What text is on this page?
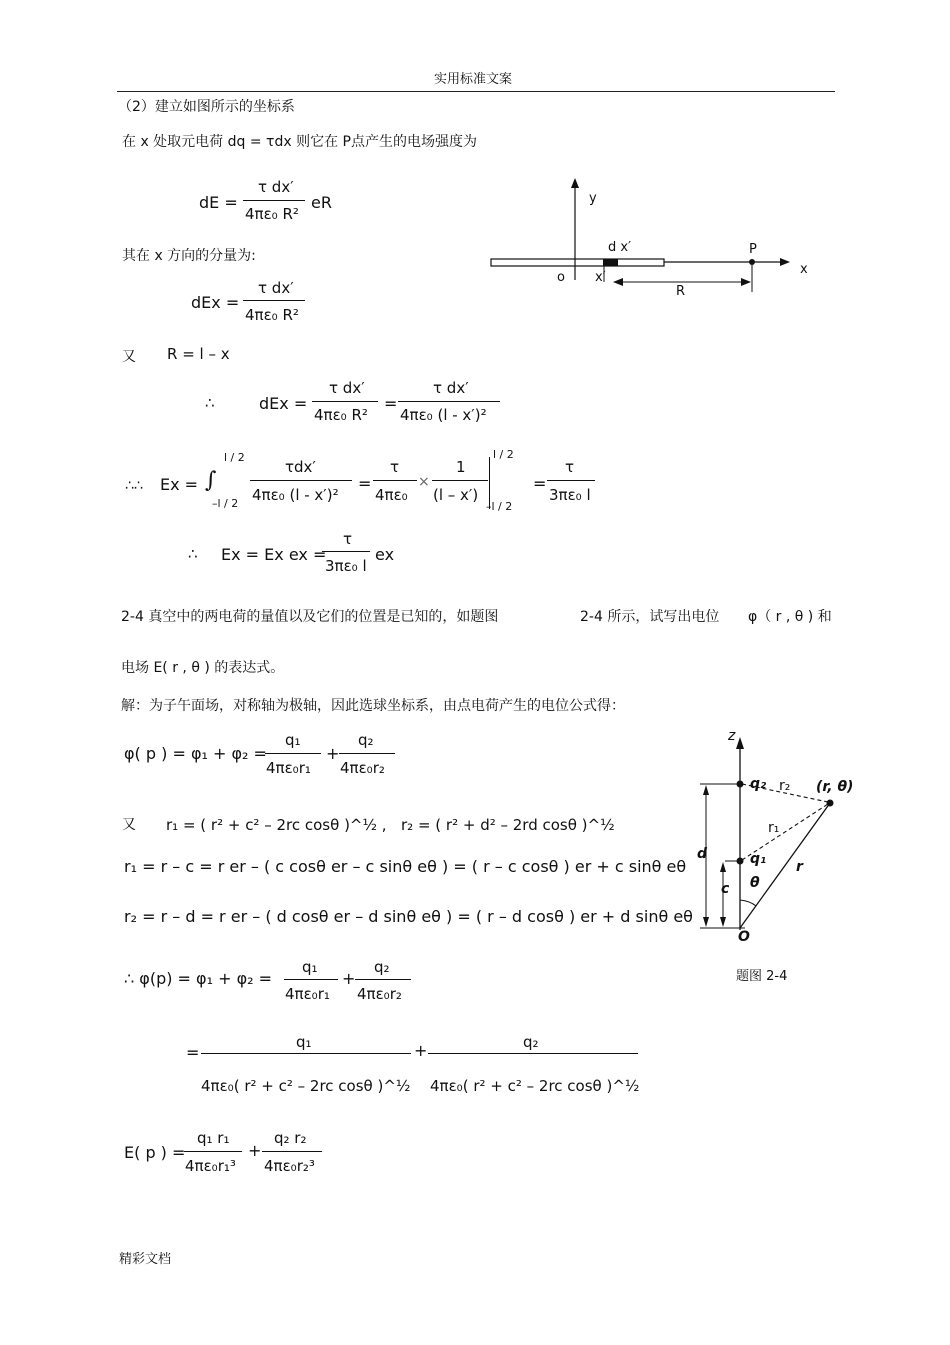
实用标准文案
（2）建立如图所示的坐标系
在 x 处取元电荷 dq = τdx 则它在 P点产生的电场强度为
dE =
τ dx′
4πε₀ R²
eR
其在 x 方向的分量为:
dEx =
τ dx′
4πε₀ R²
又 R = l – x
∴	dEx =
τ dx′
4πε₀ R²
=
τ dx′
4πε₀ (l - x′)²
∴∴ Ex = ∫
l / 2
–l / 2
τdx′
4πε₀ (l - x′)²
=
τ
4πε₀
×
1
(l – x′)
l / 2
–l / 2
=
τ
3πε₀ l
∴ Ex = Ex ex =
τ
3πε₀ l
ex
y
x
o
d x′
x′
P
R
2-4 真空中的两电荷的量值以及它们的位置是已知的，如题图	2-4 所示，试写出电位 φ（ r , θ ) 和
电场 E( r , θ ) 的表达式。
解：为子午面场，对称轴为极轴，因此选球坐标系，由点电荷产生的电位公式得：
φ( p ) = φ₁ + φ₂ =
q₁
4πε₀r₁
+
q₂
4πε₀r₂
又 r₁ = ( r² + c² – 2rc cosθ )^½ , r₂ = ( r² + d² – 2rd cosθ )^½
r₁ = r – c = r er – ( c cosθ er – c sinθ eθ ) = ( r – c cosθ ) er + c sinθ eθ
r₂ = r – d = r er – ( d cosθ er – d sinθ eθ ) = ( r – d cosθ ) er + d sinθ eθ
∴ φ(p) = φ₁ + φ₂ =
q₁
4πε₀r₁
+
q₂
4πε₀r₂
=
q₁
4πε₀( r² + c² – 2rc cosθ )^½
+	q₂
4πε₀( r² + c² – 2rc cosθ )^½
E( p ) =
q₁ r₁
4πε₀r₁³
+
q₂ r₂
4πε₀r₂³
z
q₂
q₁
r₂
r₁
r
(r, θ)
θ
d
c
O
题图 2-4
精彩文档
